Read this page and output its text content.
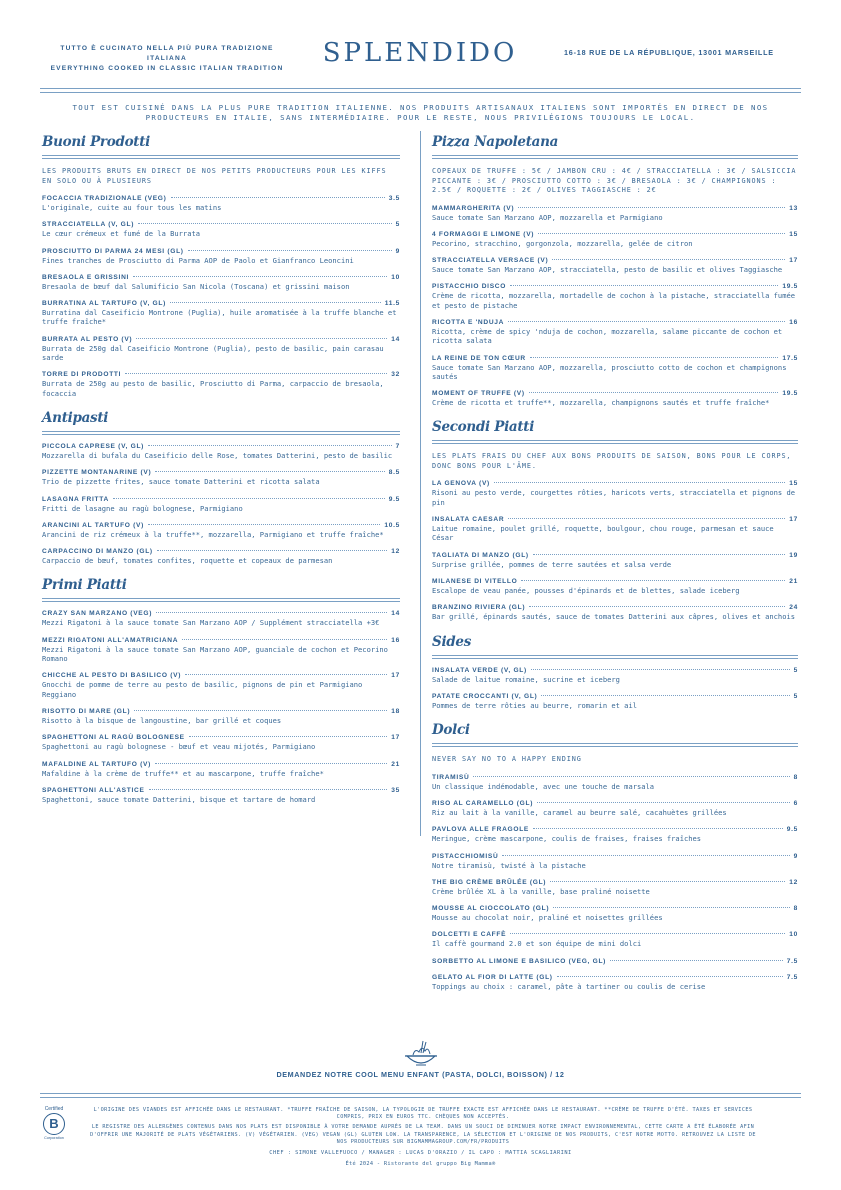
TUTTO È CUCINATO NELLA PIÙ PURA TRADIZIONE ITALIANA
EVERYTHING COOKED IN CLASSIC ITALIAN TRADITION
SPLENDIDO	16-18 RUE DE LA RÉPUBLIQUE, 13001 MARSEILLE
TOUT EST CUISINÉ DANS LA PLUS PURE TRADITION ITALIENNE. NOS PRODUITS ARTISANAUX ITALIENS SONT IMPORTÉS EN DIRECT DE NOS PRODUCTEURS EN ITALIE, SANS INTERMÉDIAIRE. POUR LE RESTE, NOUS PRIVILÉGIONS TOUJOURS LE LOCAL.
Buoni Prodotti
LES PRODUITS BRUTS EN DIRECT DE NOS PETITS PRODUCTEURS POUR LES KIFFS EN SOLO OU À PLUSIEURS
FOCACCIA TRADIZIONALE (VEG)	3.5
L'originale, cuite au four tous les matins
STRACCIATELLA (V, GL)	5
Le cœur crémeux et fumé de la Burrata
PROSCIUTTO DI PARMA 24 MESI (GL)	9
Fines tranches de Prosciutto di Parma AOP de Paolo et Gianfranco Leoncini
BRESAOLA E GRISSINI	10
Bresaola de bœuf dal Salumificio San Nicola (Toscana) et grissini maison
BURRATINA AL TARTUFO (V, GL)	11.5
Burratina dal Caseificio Montrone (Puglia), huile aromatisée à la truffe blanche et truffe fraîche*
BURRATA AL PESTO (V)	14
Burrata de 250g dal Caseificio Montrone (Puglia), pesto de basilic, pain carasau sarde
TORRE DI PRODOTTI	32
Burrata de 250g au pesto de basilic, Prosciutto di Parma, carpaccio de bresaola, focaccia
Antipasti
PICCOLA CAPRESE (V, GL)	7
Mozzarella di bufala du Caseificio delle Rose, tomates Datterini, pesto de basilic
PIZZETTE MONTANARINE (V)	8.5
Trio de pizzette frites, sauce tomate Datterini et ricotta salata
LASAGNA FRITTA	9.5
Fritti de lasagne au ragù bolognese, Parmigiano
ARANCINI AL TARTUFO (V)	10.5
Arancini de riz crémeux à la truffe**, mozzarella, Parmigiano et truffe fraîche*
CARPACCINO DI MANZO (GL)	12
Carpaccio de bœuf, tomates confites, roquette et copeaux de parmesan
Primi Piatti
CRAZY SAN MARZANO (VEG)	14
Mezzi Rigatoni à la sauce tomate San Marzano AOP / Supplément stracciatella +3€
MEZZI RIGATONI ALL'AMATRICIANA	16
Mezzi Rigatoni à la sauce tomate San Marzano AOP, guanciale de cochon et Pecorino Romano
CHICCHE AL PESTO DI BASILICO (V)	17
Gnocchi de pomme de terre au pesto de basilic, pignons de pin et Parmigiano Reggiano
RISOTTO DI MARE (GL)	18
Risotto à la bisque de langoustine, bar grillé et coques
SPAGHETTONI AL RAGÙ BOLOGNESE	17
Spaghettoni au ragù bolognese - bœuf et veau mijotés, Parmigiano
MAFALDINE AL TARTUFO (V)	21
Mafaldine à la crème de truffe** et au mascarpone, truffe fraîche*
SPAGHETTONI ALL'ASTICE	35
Spaghettoni, sauce tomate Datterini, bisque et tartare de homard
Pizza Napoletana
COPEAUX DE TRUFFE : 5€ / JAMBON CRU : 4€ / STRACCIATELLA : 3€ / SALSICCIA PICCANTE : 3€ / PROSCIUTTO COTTO : 3€ / BRESAOLA : 3€ / CHAMPIGNONS : 2.5€ / ROQUETTE : 2€ / OLIVES TAGGIASCHE : 2€
MAMMARGHERITA (V)	13
Sauce tomate San Marzano AOP, mozzarella et Parmigiano
4 FORMAGGI E LIMONE (V)	15
Pecorino, stracchino, gorgonzola, mozzarella, gelée de citron
STRACCIATELLA VERSACE (V)	17
Sauce tomate San Marzano AOP, stracciatella, pesto de basilic et olives Taggiasche
PISTACCHIO DISCO	19.5
Crème de ricotta, mozzarella, mortadelle de cochon à la pistache, stracciatella fumée et pesto de pistache
RICOTTA E 'NDUJA	16
Ricotta, crème de spicy 'nduja de cochon, mozzarella, salame piccante de cochon et ricotta salata
LA REINE DE TON CŒUR	17.5
Sauce tomate San Marzano AOP, mozzarella, prosciutto cotto de cochon et champignons sautés
MOMENT OF TRUFFE (V)	19.5
Crème de ricotta et truffe**, mozzarella, champignons sautés et truffe fraîche*
Secondi Piatti
LES PLATS FRAIS DU CHEF AUX BONS PRODUITS DE SAISON, BONS POUR LE CORPS, DONC BONS POUR L'ÂME.
LA GENOVA (V)	15
Risoni au pesto verde, courgettes rôties, haricots verts, stracciatella et pignons de pin
INSALATA CAESAR	17
Laitue romaine, poulet grillé, roquette, boulgour, chou rouge, parmesan et sauce César
TAGLIATA DI MANZO (GL)	19
Surprise grillée, pommes de terre sautées et salsa verde
MILANESE DI VITELLO	21
Escalope de veau panée, pousses d'épinards et de blettes, salade iceberg
BRANZINO RIVIERA (GL)	24
Bar grillé, épinards sautés, sauce de tomates Datterini aux câpres, olives et anchois
Sides
INSALATA VERDE (V, GL)	5
Salade de laitue romaine, sucrine et iceberg
PATATE CROCCANTI (V, GL)	5
Pommes de terre rôties au beurre, romarin et ail
Dolci
NEVER SAY NO TO A HAPPY ENDING
TIRAMISÙ	8
Un classique indémodable, avec une touche de marsala
RISO AL CARAMELLO (GL)	6
Riz au lait à la vanille, caramel au beurre salé, cacahuètes grillées
PAVLOVA ALLE FRAGOLE	9.5
Meringue, crème mascarpone, coulis de fraises, fraises fraîches
PISTACCHIOMISÙ	9
Notre tiramisù, twisté à la pistache
THE BIG CRÈME BRÛLÉE (GL)	12
Crème brûlée XL à la vanille, base praliné noisette
MOUSSE AL CIOCCOLATO (GL)	8
Mousse au chocolat noir, praliné et noisettes grillées
DOLCETTI E CAFFÈ	10
Il caffè gourmand 2.0 et son équipe de mini dolci
SORBETTO AL LIMONE E BASILICO (VEG, GL)	7.5
GELATO AL FIOR DI LATTE (GL)	7.5
Toppings au choix : caramel, pâte à tartiner ou coulis de cerise
DEMANDEZ NOTRE COOL MENU ENFANT (PASTA, DOLCI, BOISSON) / 12
Certified
B
Corporation

L'ORIGINE DES VIANDES EST AFFICHÉE DANS LE RESTAURANT. *TRUFFE FRAÎCHE DE SAISON, LA TYPOLOGIE DE TRUFFE EXACTE EST AFFICHÉE DANS LE RESTAURANT. **CRÈME DE TRUFFE D'ÉTÉ. TAXES ET SERVICES COMPRIS, PRIX EN EUROS TTC. CHÈQUES NON ACCEPTÉS.

LE REGISTRE DES ALLERGÈNES CONTENUS DANS NOS PLATS EST DISPONIBLE À VOTRE DEMANDE AUPRÈS DE LA TEAM. DANS UN SOUCI DE DIMINUER NOTRE IMPACT ENVIRONNEMENTAL, CETTE CARTE A ÉTÉ ÉLABORÉE AFIN D'OFFRIR UNE MAJORITÉ DE PLATS VÉGÉTARIENS. (V) VÉGÉTARIEN. (VEG) VEGAN (GL) GLUTEN LOW. LA TRANSPARENCE, LA SÉLECTION ET L'ORIGINE DE NOS PRODUITS, C'EST NOTRE MOTTO. RETROUVEZ LA LISTE DE NOS PRODUCTEURS SUR BIGMAMMAGROUP.COM/FR/PRODUITS

CHEF : SIMONE VALLEFUOCO / MANAGER : LUCAS D'ORAZIO / IL CAPO : MATTIA SCAGLIARINI
Été 2024 - Ristorante del gruppo Big Mamma®
